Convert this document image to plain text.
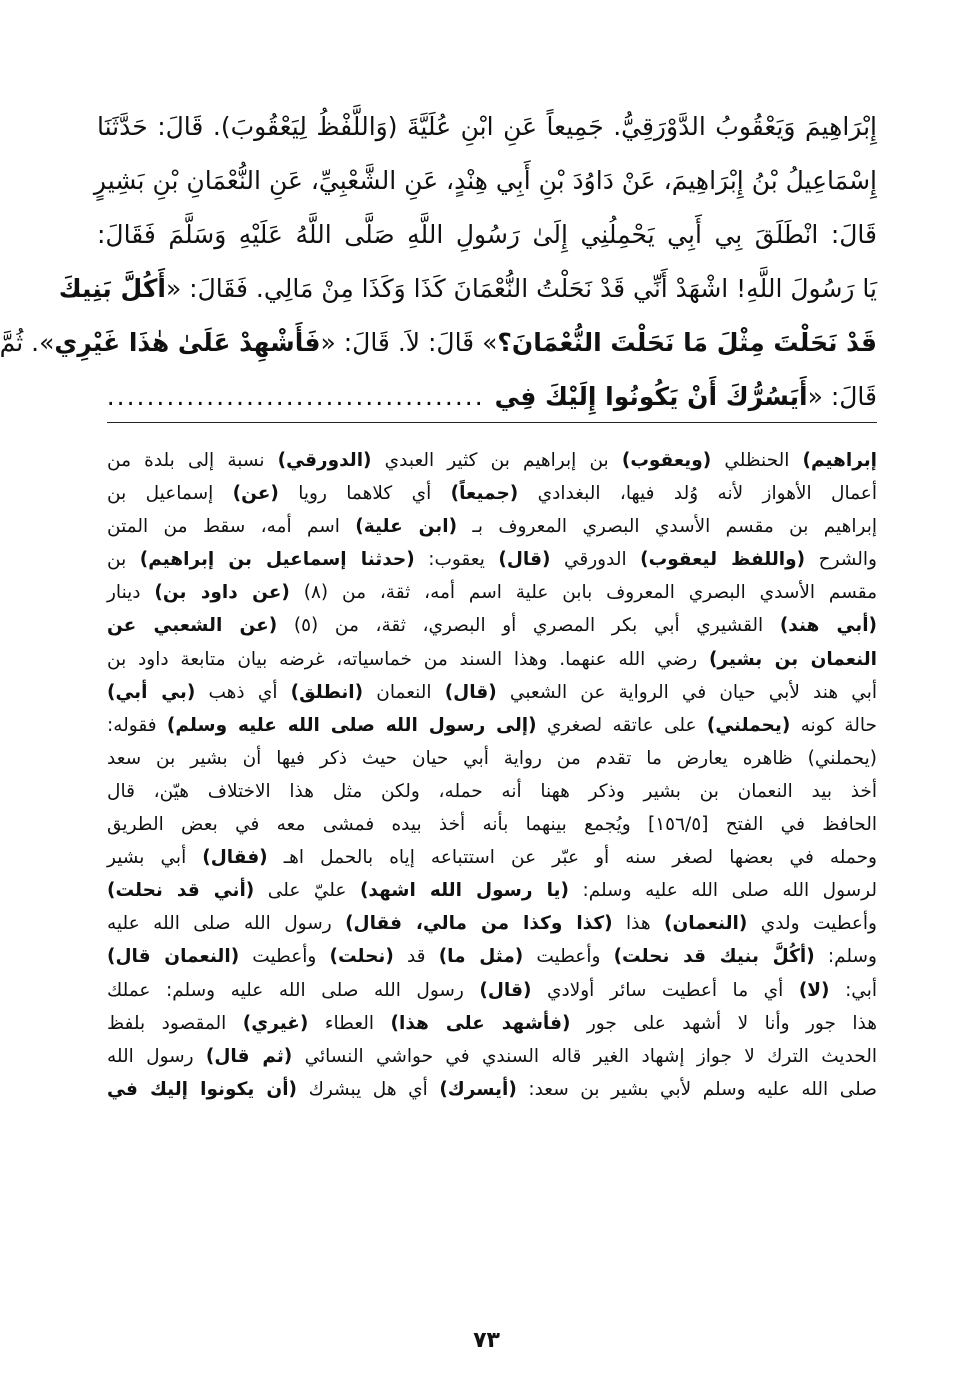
إِبْرَاهِيمَ وَيَعْقُوبُ الدَّوْرَقِيُّ. جَمِيعاً عَنِ ابْنِ عُلَيَّةَ (وَاللَّفْظُ لِيَعْقُوبَ). قَالَ: حَدَّثَنَا
إِسْمَاعِيلُ بْنُ إِبْرَاهِيمَ، عَنْ دَاوُدَ بْنِ أَبِي هِنْدٍ، عَنِ الشَّعْبِيِّ، عَنِ النُّعْمَانِ بْنِ بَشِيرٍ
قَالَ: انْطَلَقَ بِي أَبِي يَحْمِلُنِي إِلَىٰ رَسُولِ اللَّهِ صَلَّى اللَّهُ عَلَيْهِ وَسَلَّمَ فَقَالَ:
يَا رَسُولَ اللَّهِ! اشْهَدْ أَنِّي قَدْ نَحَلْتُ النُّعْمَانَ كَذَا وَكَذَا مِنْ مَالِي. فَقَالَ: «أَكُلَّ بَنِيكَ
قَدْ نَحَلْتَ مِثْلَ مَا نَحَلْتَ النُّعْمَانَ؟» قَالَ: لاَ. قَالَ: «فَأَشْهِدْ عَلَىٰ هٰذَا غَيْرِي». ثُمَّ
قَالَ: «أَيَسُرُّكَ أَنْ يَكُونُوا إِلَيْكَ فِي......................................
إبراهيم) الحنظلي (ويعقوب) بن إبراهيم بن كثير العبدي (الدورقي) نسبة إلى بلدة من
أعمال الأهواز لأنه وُلد فيها، البغدادي (جميعاً) أي كلاهما رويا (عن) إسماعيل بن
إبراهيم بن مقسم الأسدي البصري المعروف بـ (ابن علية) اسم أمه، سقط من المتن
والشرح (واللفظ ليعقوب) الدورقي (قال) يعقوب: (حدثنا إسماعيل بن إبراهيم) بن
مقسم الأسدي البصري المعروف بابن علية اسم أمه، ثقة، من (٨) (عن داود بن) دينار
(أبي هند) القشيري أبي بكر المصري أو البصري، ثقة، من (٥) (عن الشعبي عن
النعمان بن بشير) رضي الله عنهما. وهذا السند من خماسياته، غرضه بيان متابعة داود بن
أبي هند لأبي حيان في الرواية عن الشعبي (قال) النعمان (انطلق) أي ذهب (بي أبي)
حالة كونه (يحملني) على عاتقه لصغري (إلى رسول الله صلى الله عليه وسلم) فقوله:
(يحملني) ظاهره يعارض ما تقدم من رواية أبي حيان حيث ذكر فيها أن بشير بن سعد
أخذ بيد النعمان بن بشير وذكر ههنا أنه حمله، ولكن مثل هذا الاختلاف هيّن، قال
الحافظ في الفتح [١٥٦/٥] ويُجمع بينهما بأنه أخذ بيده فمشى معه في بعض الطريق
وحمله في بعضها لصغر سنه أو عبّر عن استتباعه إياه بالحمل اهـ (فقال) أبي بشير
لرسول الله صلى الله عليه وسلم: (يا رسول الله اشهد) عليّ على (أني قد نحلت)
وأعطيت ولدي (النعمان) هذا (كذا وكذا من مالي، فقال) رسول الله صلى الله عليه
وسلم: (أكُلَّ بنيك قد نحلت) وأعطيت (مثل ما) قد (نحلت) وأعطيت (النعمان قال)
أبي: (لا) أي ما أعطيت سائر أولادي (قال) رسول الله صلى الله عليه وسلم: عملك
هذا جور وأنا لا أشهد على جور (فأشهد على هذا) العطاء (غيري) المقصود بلفظ
الحديث الترك لا جواز إشهاد الغير قاله السندي في حواشي النسائي (ثم قال) رسول الله
صلى الله عليه وسلم لأبي بشير بن سعد: (أيسرك) أي هل يبشرك (أن يكونوا إليك في
٧٣
